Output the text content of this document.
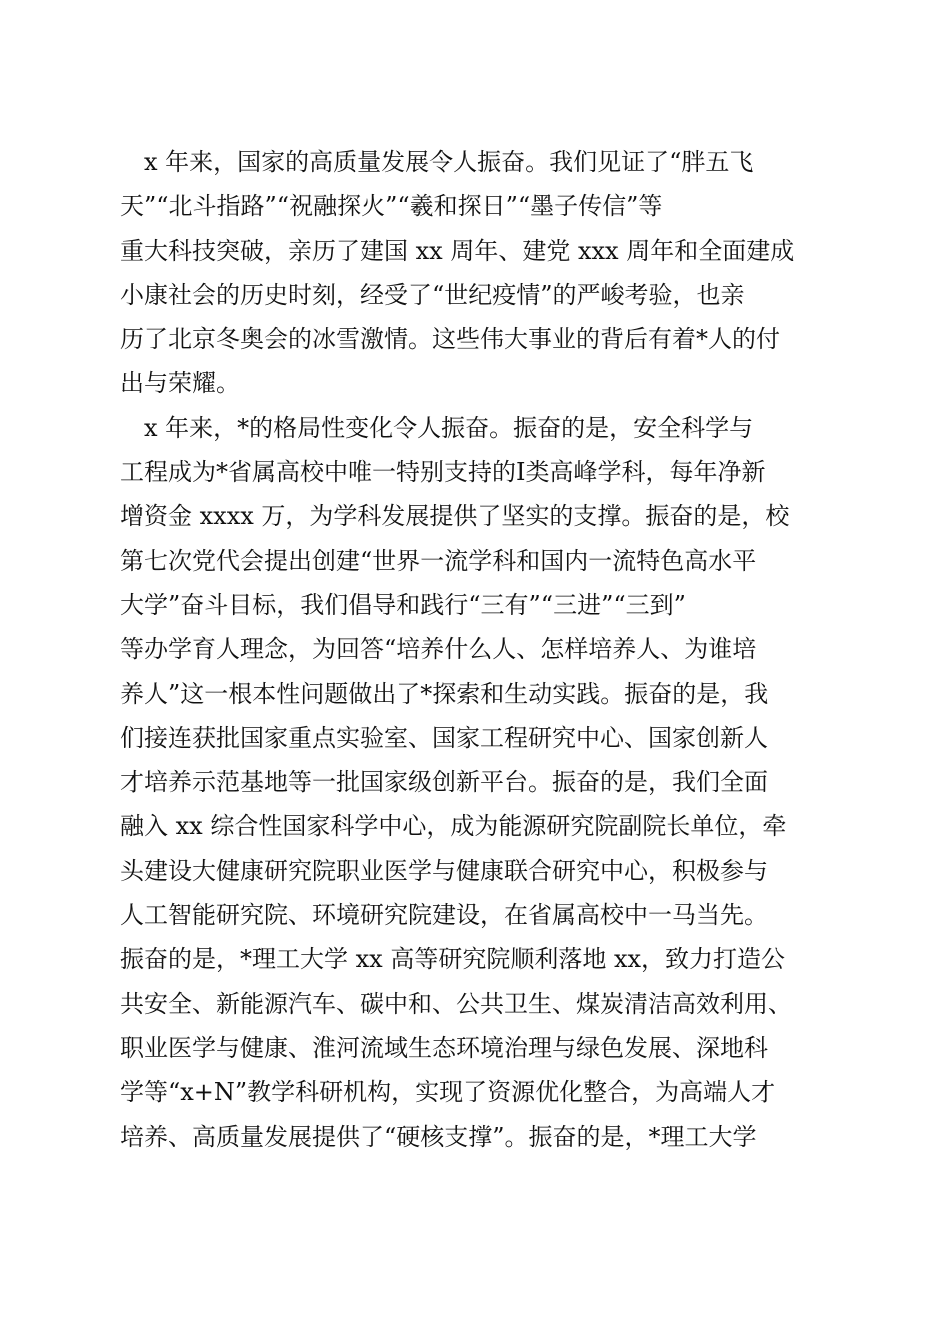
　x 年来，国家的高质量发展令人振奋。我们见证了“胖五飞
天”“北斗指路”“祝融探火”“羲和探日”“墨子传信”等
重大科技突破，亲历了建国 xx 周年、建党 xxx 周年和全面建成
小康社会的历史时刻，经受了“世纪疫情”的严峻考验，也亲
历了北京冬奥会的冰雪激情。这些伟大事业的背后有着*人的付
出与荣耀。
　x 年来，*的格局性变化令人振奋。振奋的是，安全科学与
工程成为*省属高校中唯一特别支持的Ⅰ类高峰学科，每年净新
增资金 xxxx 万，为学科发展提供了坚实的支撑。振奋的是，校
第七次党代会提出创建“世界一流学科和国内一流特色高水平
大学”奋斗目标，我们倡导和践行“三有”“三进”“三到”
等办学育人理念，为回答“培养什么人、怎样培养人、为谁培
养人”这一根本性问题做出了*探索和生动实践。振奋的是，我
们接连获批国家重点实验室、国家工程研究中心、国家创新人
才培养示范基地等一批国家级创新平台。振奋的是，我们全面
融入 xx 综合性国家科学中心，成为能源研究院副院长单位，牵
头建设大健康研究院职业医学与健康联合研究中心，积极参与
人工智能研究院、环境研究院建设，在省属高校中一马当先。
振奋的是，*理工大学 xx 高等研究院顺利落地 xx，致力打造公
共安全、新能源汽车、碳中和、公共卫生、煤炭清洁高效利用、
职业医学与健康、淮河流域生态环境治理与绿色发展、深地科
学等“x+N”教学科研机构，实现了资源优化整合，为高端人才
培养、高质量发展提供了“硬核支撑”。振奋的是，*理工大学
